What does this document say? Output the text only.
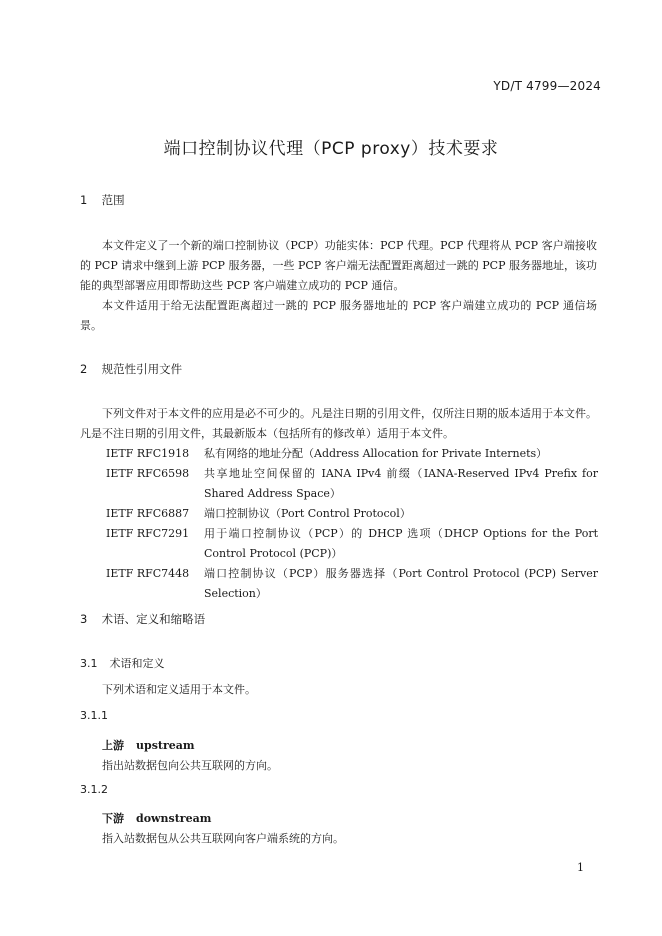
YD/T 4799—2024
端口控制协议代理（PCP proxy）技术要求
1 范围
本文件定义了一个新的端口控制协议（PCP）功能实体：PCP 代理。PCP 代理将从 PCP 客户端接收的 PCP 请求中继到上游 PCP 服务器，一些 PCP 客户端无法配置距离超过一跳的 PCP 服务器地址，该功能的典型部署应用即帮助这些 PCP 客户端建立成功的 PCP 通信。
本文件适用于给无法配置距离超过一跳的 PCP 服务器地址的 PCP 客户端建立成功的 PCP 通信场景。
2 规范性引用文件
下列文件对于本文件的应用是必不可少的。凡是注日期的引用文件，仅所注日期的版本适用于本文件。凡是不注日期的引用文件，其最新版本（包括所有的修改单）适用于本文件。
IETF RFC1918	私有网络的地址分配（Address Allocation for Private Internets）
IETF RFC6598	共享地址空间保留的 IANA IPv4 前缀（IANA-Reserved IPv4 Prefix for Shared Address Space）
IETF RFC6887	端口控制协议（Port Control Protocol）
IETF RFC7291	用于端口控制协议（PCP）的 DHCP 选项（DHCP Options for the Port Control Protocol (PCP)）
IETF RFC7448	端口控制协议（PCP）服务器选择（Port Control Protocol (PCP) Server Selection）
3 术语、定义和缩略语
3.1 术语和定义
下列术语和定义适用于本文件。
3.1.1
上游 upstream
指出站数据包向公共互联网的方向。
3.1.2
下游 downstream
指入站数据包从公共互联网向客户端系统的方向。
1
